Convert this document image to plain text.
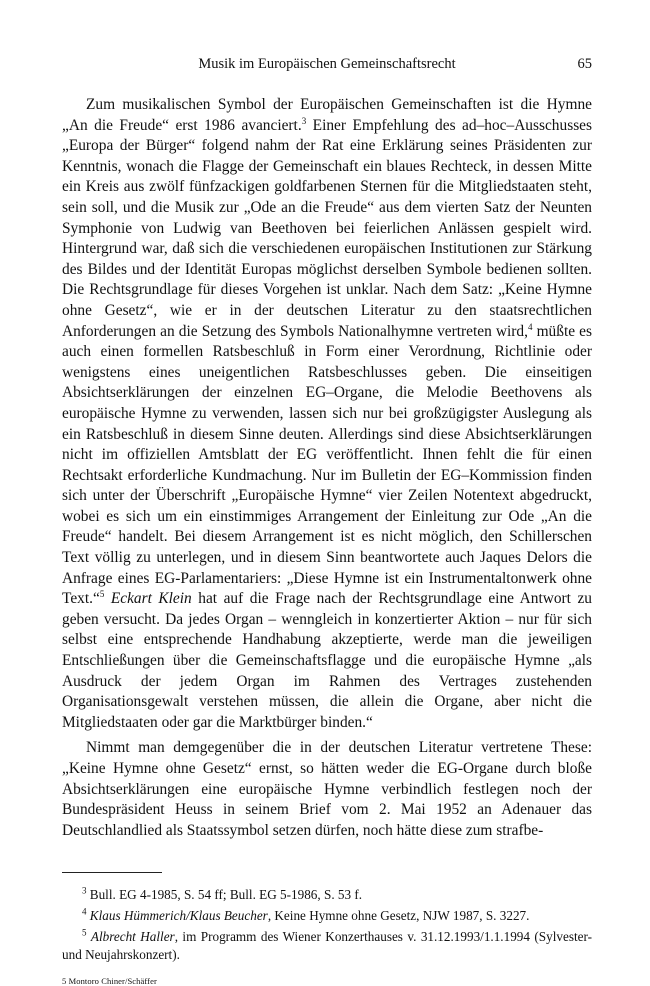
Musik im Europäischen Gemeinschaftsrecht	65

Zum musikalischen Symbol der Europäischen Gemeinschaften ist die Hymne „An die Freude“ erst 1986 avanciert.$^3$ Einer Empfehlung des ad–hoc–Ausschusses „Europa der Bürger“ folgend nahm der Rat eine Erklärung seines Präsidenten zur Kenntnis, wonach die Flagge der Gemeinschaft ein blaues Rechteck, in dessen Mitte ein Kreis aus zwölf fünfzackigen goldfarbenen Sternen für die Mitgliedstaaten steht, sein soll, und die Musik zur „Ode an die Freude“ aus dem vierten Satz der Neunten Symphonie von Ludwig van Beethoven bei feierlichen Anlässen gespielt wird. Hintergrund war, daß sich die verschiedenen europäischen Institutionen zur Stärkung des Bildes und der Identität Europas möglichst derselben Symbole bedienen sollten. Die Rechtsgrundlage für dieses Vorgehen ist unklar. Nach dem Satz: „Keine Hymne ohne Gesetz“, wie er in der deutschen Literatur zu den staatsrechtlichen Anforderungen an die Setzung des Symbols Nationalhymne vertreten wird,$^4$ müßte es auch einen formellen Ratsbeschluß in Form einer Verordnung, Richtlinie oder wenigstens eines uneigentlichen Ratsbeschlusses geben. Die einseitigen Absichtserklärungen der einzelnen EG–Organe, die Melodie Beethovens als europäische Hymne zu verwenden, lassen sich nur bei großzügigster Auslegung als ein Ratsbeschluß in diesem Sinne deuten. Allerdings sind diese Absichtserklärungen nicht im offiziellen Amtsblatt der EG veröffentlicht. Ihnen fehlt die für einen Rechtsakt erforderliche Kundmachung. Nur im Bulletin der EG–Kommission finden sich unter der Überschrift „Europäische Hymne“ vier Zeilen Notentext abgedruckt, wobei es sich um ein einstimmiges Arrangement der Einleitung zur Ode „An die Freude“ handelt. Bei diesem Arrangement ist es nicht möglich, den Schillerschen Text völlig zu unterlegen, und in diesem Sinn beantwortete auch Jaques Delors die Anfrage eines EG-Parlamentariers: „Diese Hymne ist ein Instrumentaltonwerk ohne Text.“$^5$ Eckart Klein hat auf die Frage nach der Rechtsgrundlage eine Antwort zu geben versucht. Da jedes Organ – wenngleich in konzertierter Aktion – nur für sich selbst eine entsprechende Handhabung akzeptierte, werde man die jeweiligen Entschließungen über die Gemeinschaftsflagge und die europäische Hymne „als Ausdruck der jedem Organ im Rahmen des Vertrages zustehenden Organisationsgewalt verstehen müssen, die allein die Organe, aber nicht die Mitgliedstaaten oder gar die Marktbürger binden.“

Nimmt man demgegenüber die in der deutschen Literatur vertretene These: „Keine Hymne ohne Gesetz“ ernst, so hätten weder die EG-Organe durch bloße Absichtserklärungen eine europäische Hymne verbindlich festlegen noch der Bundespräsident Heuss in seinem Brief vom 2. Mai 1952 an Adenauer das Deutschlandlied als Staatssymbol setzen dürfen, noch hätte diese zum strafbe-

$^3$ Bull. EG 4-1985, S. 54 ff; Bull. EG 5-1986, S. 53 f.

$^4$ Klaus Hümmerich/Klaus Beucher, Keine Hymne ohne Gesetz, NJW 1987, S. 3227.

$^5$ Albrecht Haller, im Programm des Wiener Konzerthauses v. 31.12.1993/1.1.1994 (Sylvester- und Neujahrskonzert).

5 Montoro Chiner/Schäffer
